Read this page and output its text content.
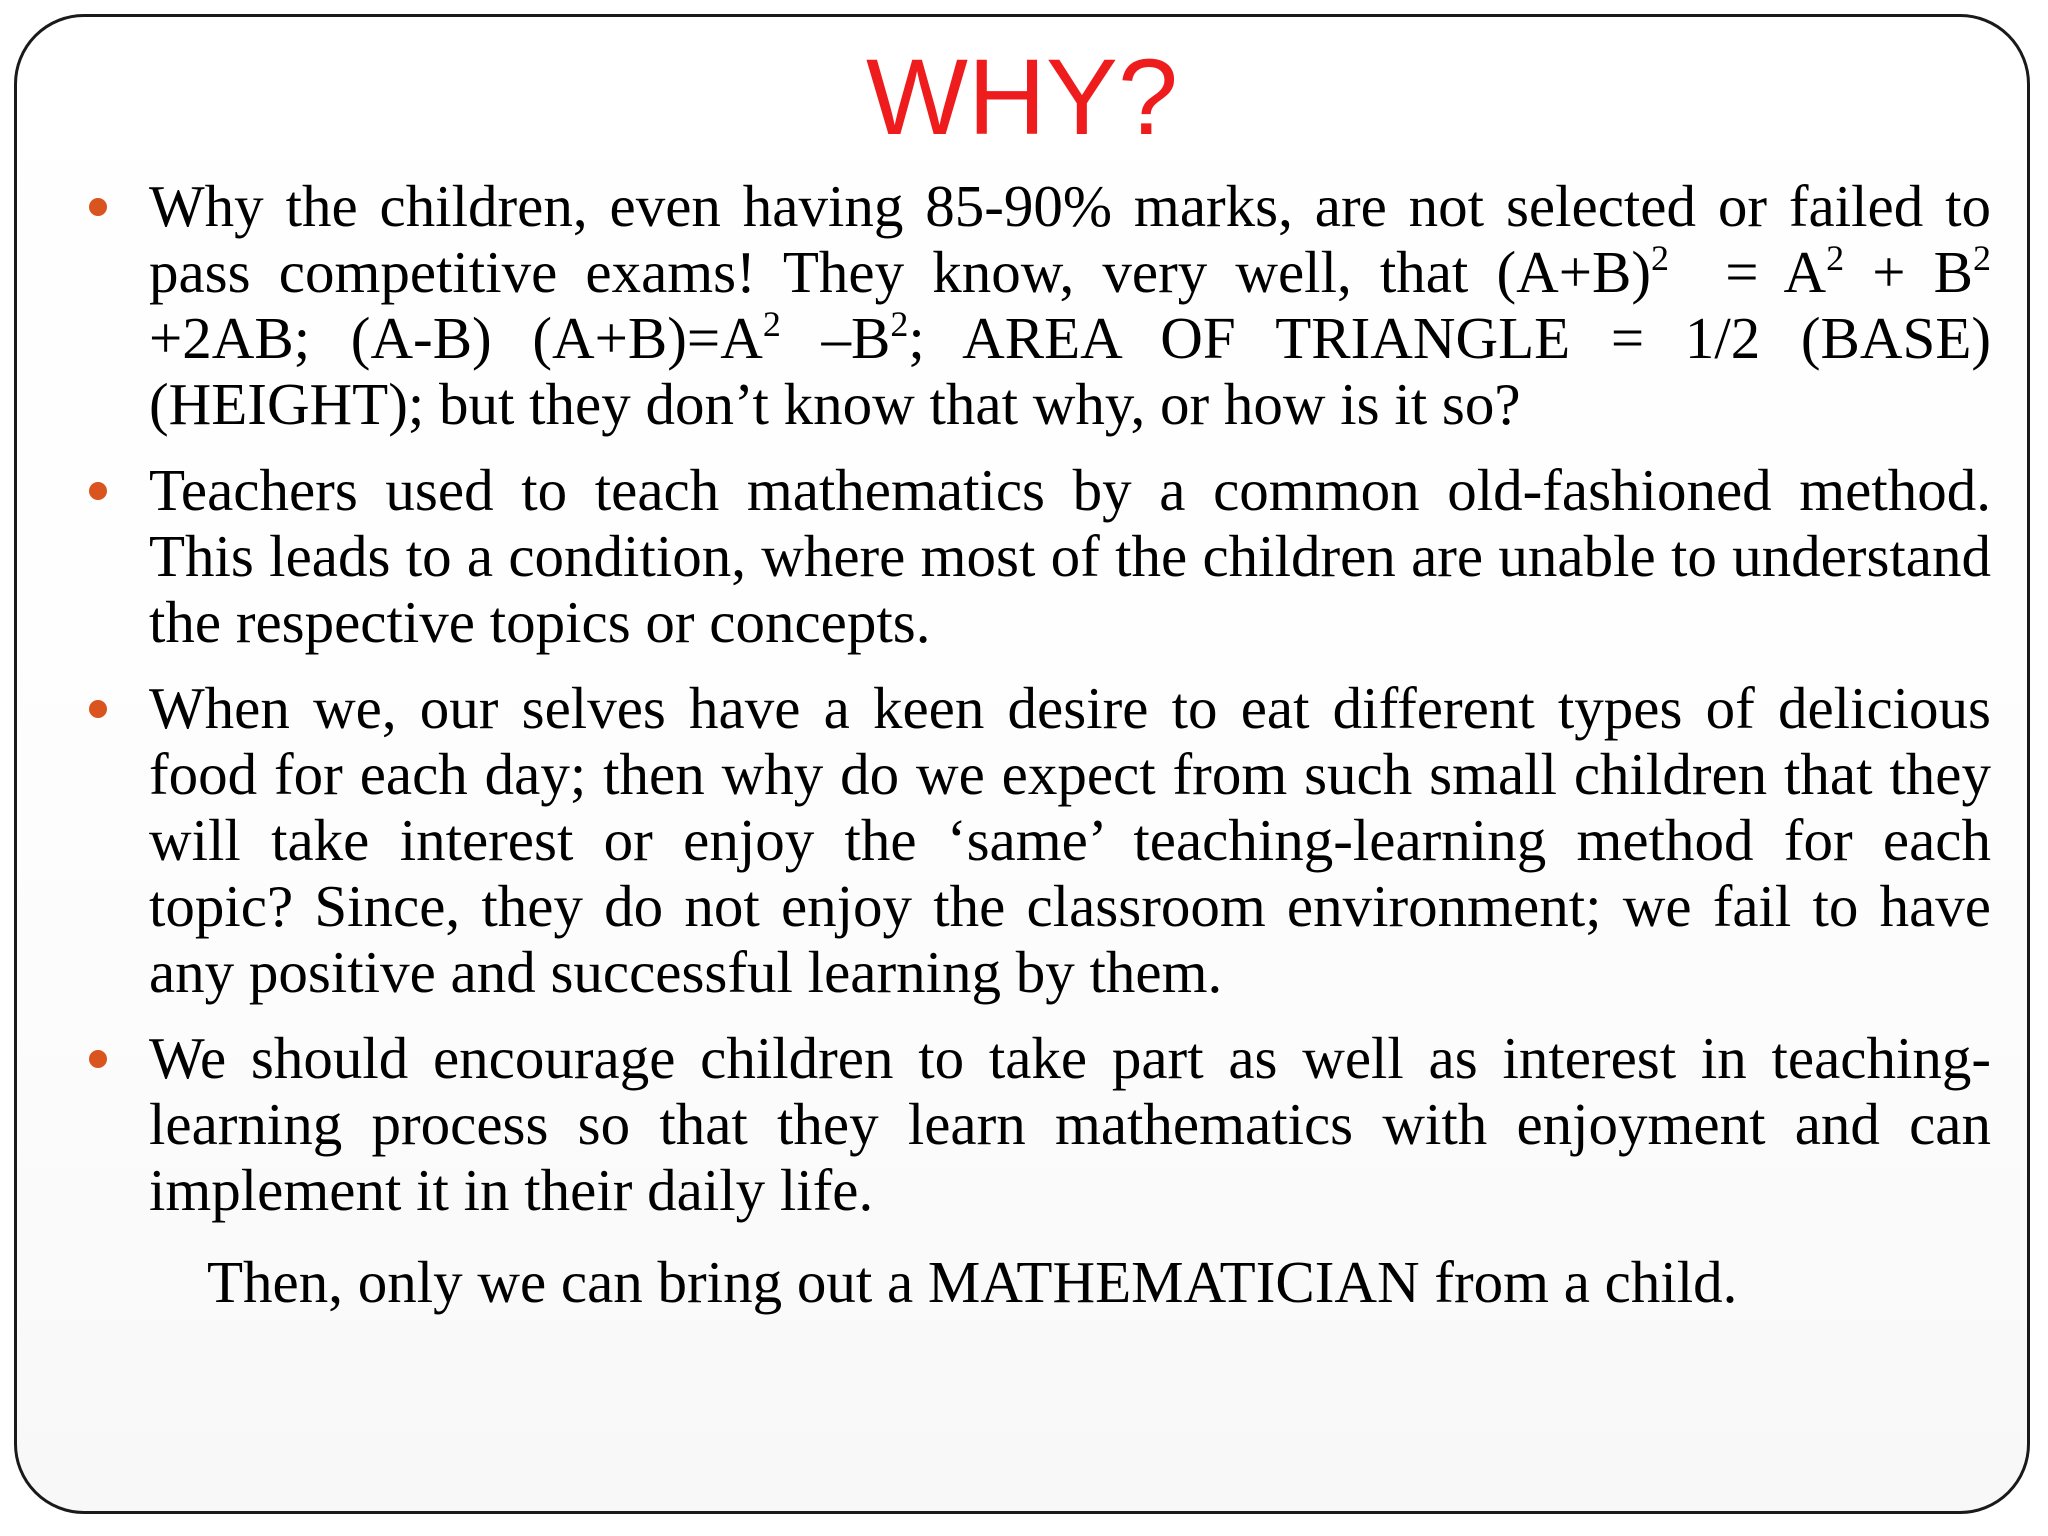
WHY?
Why the children, even having 85-90% marks, are not selected or failed to pass competitive exams! They know, very well, that $(A+B)^2 = A^2 + B^2 +2AB$; (A-B) $(A+B)=A^2$ $-B^2$; AREA OF TRIANGLE = 1/2 (BASE)(HEIGHT); but they don’t know that why, or how is it so?
Teachers used to teach mathematics by a common old-fashioned method. This leads to a condition, where most of the children are unable to understand the respective topics or concepts.
When we, our selves have a keen desire to eat different types of delicious food for each day; then why do we expect from such small children that they will take interest or enjoy the ‘same’ teaching-learning method for each topic? Since, they do not enjoy the classroom environment; we fail to have any positive and successful learning by them.
We should encourage children to take part as well as interest in teaching-learning process so that they learn mathematics with enjoyment and can implement it in their daily life.
Then, only we can bring out a MATHEMATICIAN from a child.
